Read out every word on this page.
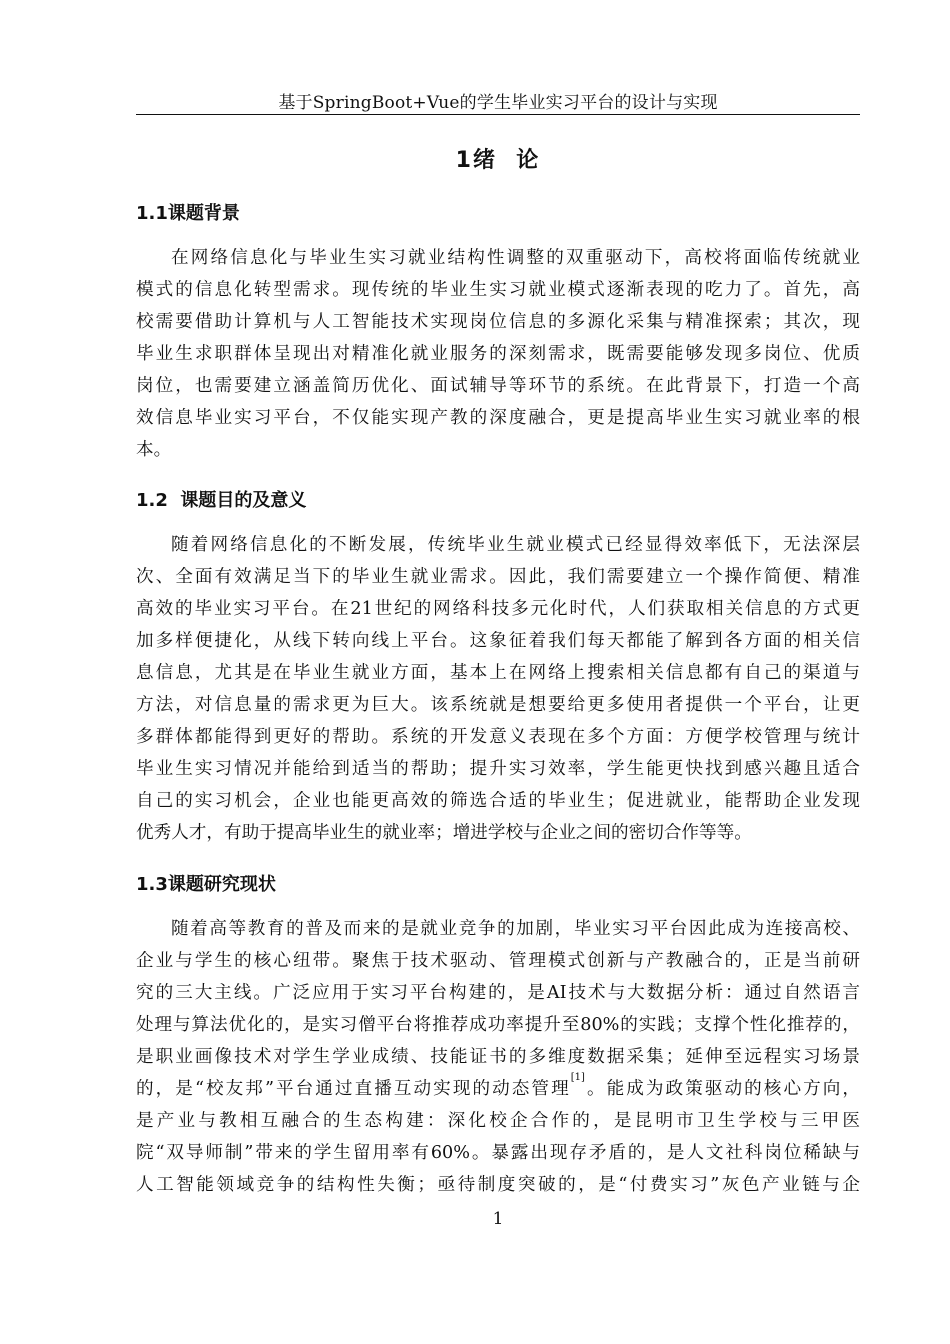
基于SpringBoot+Vue的学生毕业实习平台的设计与实现
1绪  论
1.1课题背景
在网络信息化与毕业生实习就业结构性调整的双重驱动下，高校将面临传统就业
模式的信息化转型需求。现传统的毕业生实习就业模式逐渐表现的吃力了。首先，高
校需要借助计算机与人工智能技术实现岗位信息的多源化采集与精准探索；其次，现
毕业生求职群体呈现出对精准化就业服务的深刻需求，既需要能够发现多岗位、优质
岗位，也需要建立涵盖简历优化、面试辅导等环节的系统。在此背景下，打造一个高
效信息毕业实习平台，不仅能实现产教的深度融合，更是提高毕业生实习就业率的根
本。
1.2  课题目的及意义
随着网络信息化的不断发展，传统毕业生就业模式已经显得效率低下，无法深层
次、全面有效满足当下的毕业生就业需求。因此，我们需要建立一个操作简便、精准
高效的毕业实习平台。在21世纪的网络科技多元化时代，人们获取相关信息的方式更
加多样便捷化，从线下转向线上平台。这象征着我们每天都能了解到各方面的相关信
息信息，尤其是在毕业生就业方面，基本上在网络上搜索相关信息都有自己的渠道与
方法，对信息量的需求更为巨大。该系统就是想要给更多使用者提供一个平台，让更
多群体都能得到更好的帮助。系统的开发意义表现在多个方面：方便学校管理与统计
毕业生实习情况并能给到适当的帮助；提升实习效率，学生能更快找到感兴趣且适合
自己的实习机会，企业也能更高效的筛选合适的毕业生；促进就业，能帮助企业发现
优秀人才，有助于提高毕业生的就业率；增进学校与企业之间的密切合作等等。
1.3课题研究现状
随着高等教育的普及而来的是就业竞争的加剧，毕业实习平台因此成为连接高校、
企业与学生的核心纽带。聚焦于技术驱动、管理模式创新与产教融合的，正是当前研
究的三大主线。广泛应用于实习平台构建的，是AI技术与大数据分析：通过自然语言
处理与算法优化的，是实习僧平台将推荐成功率提升至80%的实践；支撑个性化推荐的，
是职业画像技术对学生学业成绩、技能证书的多维度数据采集；延伸至远程实习场景
的，是“校友邦”平台通过直播互动实现的动态管理[1]。能成为政策驱动的核心方向，
是产业与教相互融合的生态构建：深化校企合作的，是昆明市卫生学校与三甲医
院“双导师制”带来的学生留用率有60%。暴露出现存矛盾的，是人文社科岗位稀缺与
人工智能领域竞争的结构性失衡；亟待制度突破的，是“付费实习”灰色产业链与企
1
